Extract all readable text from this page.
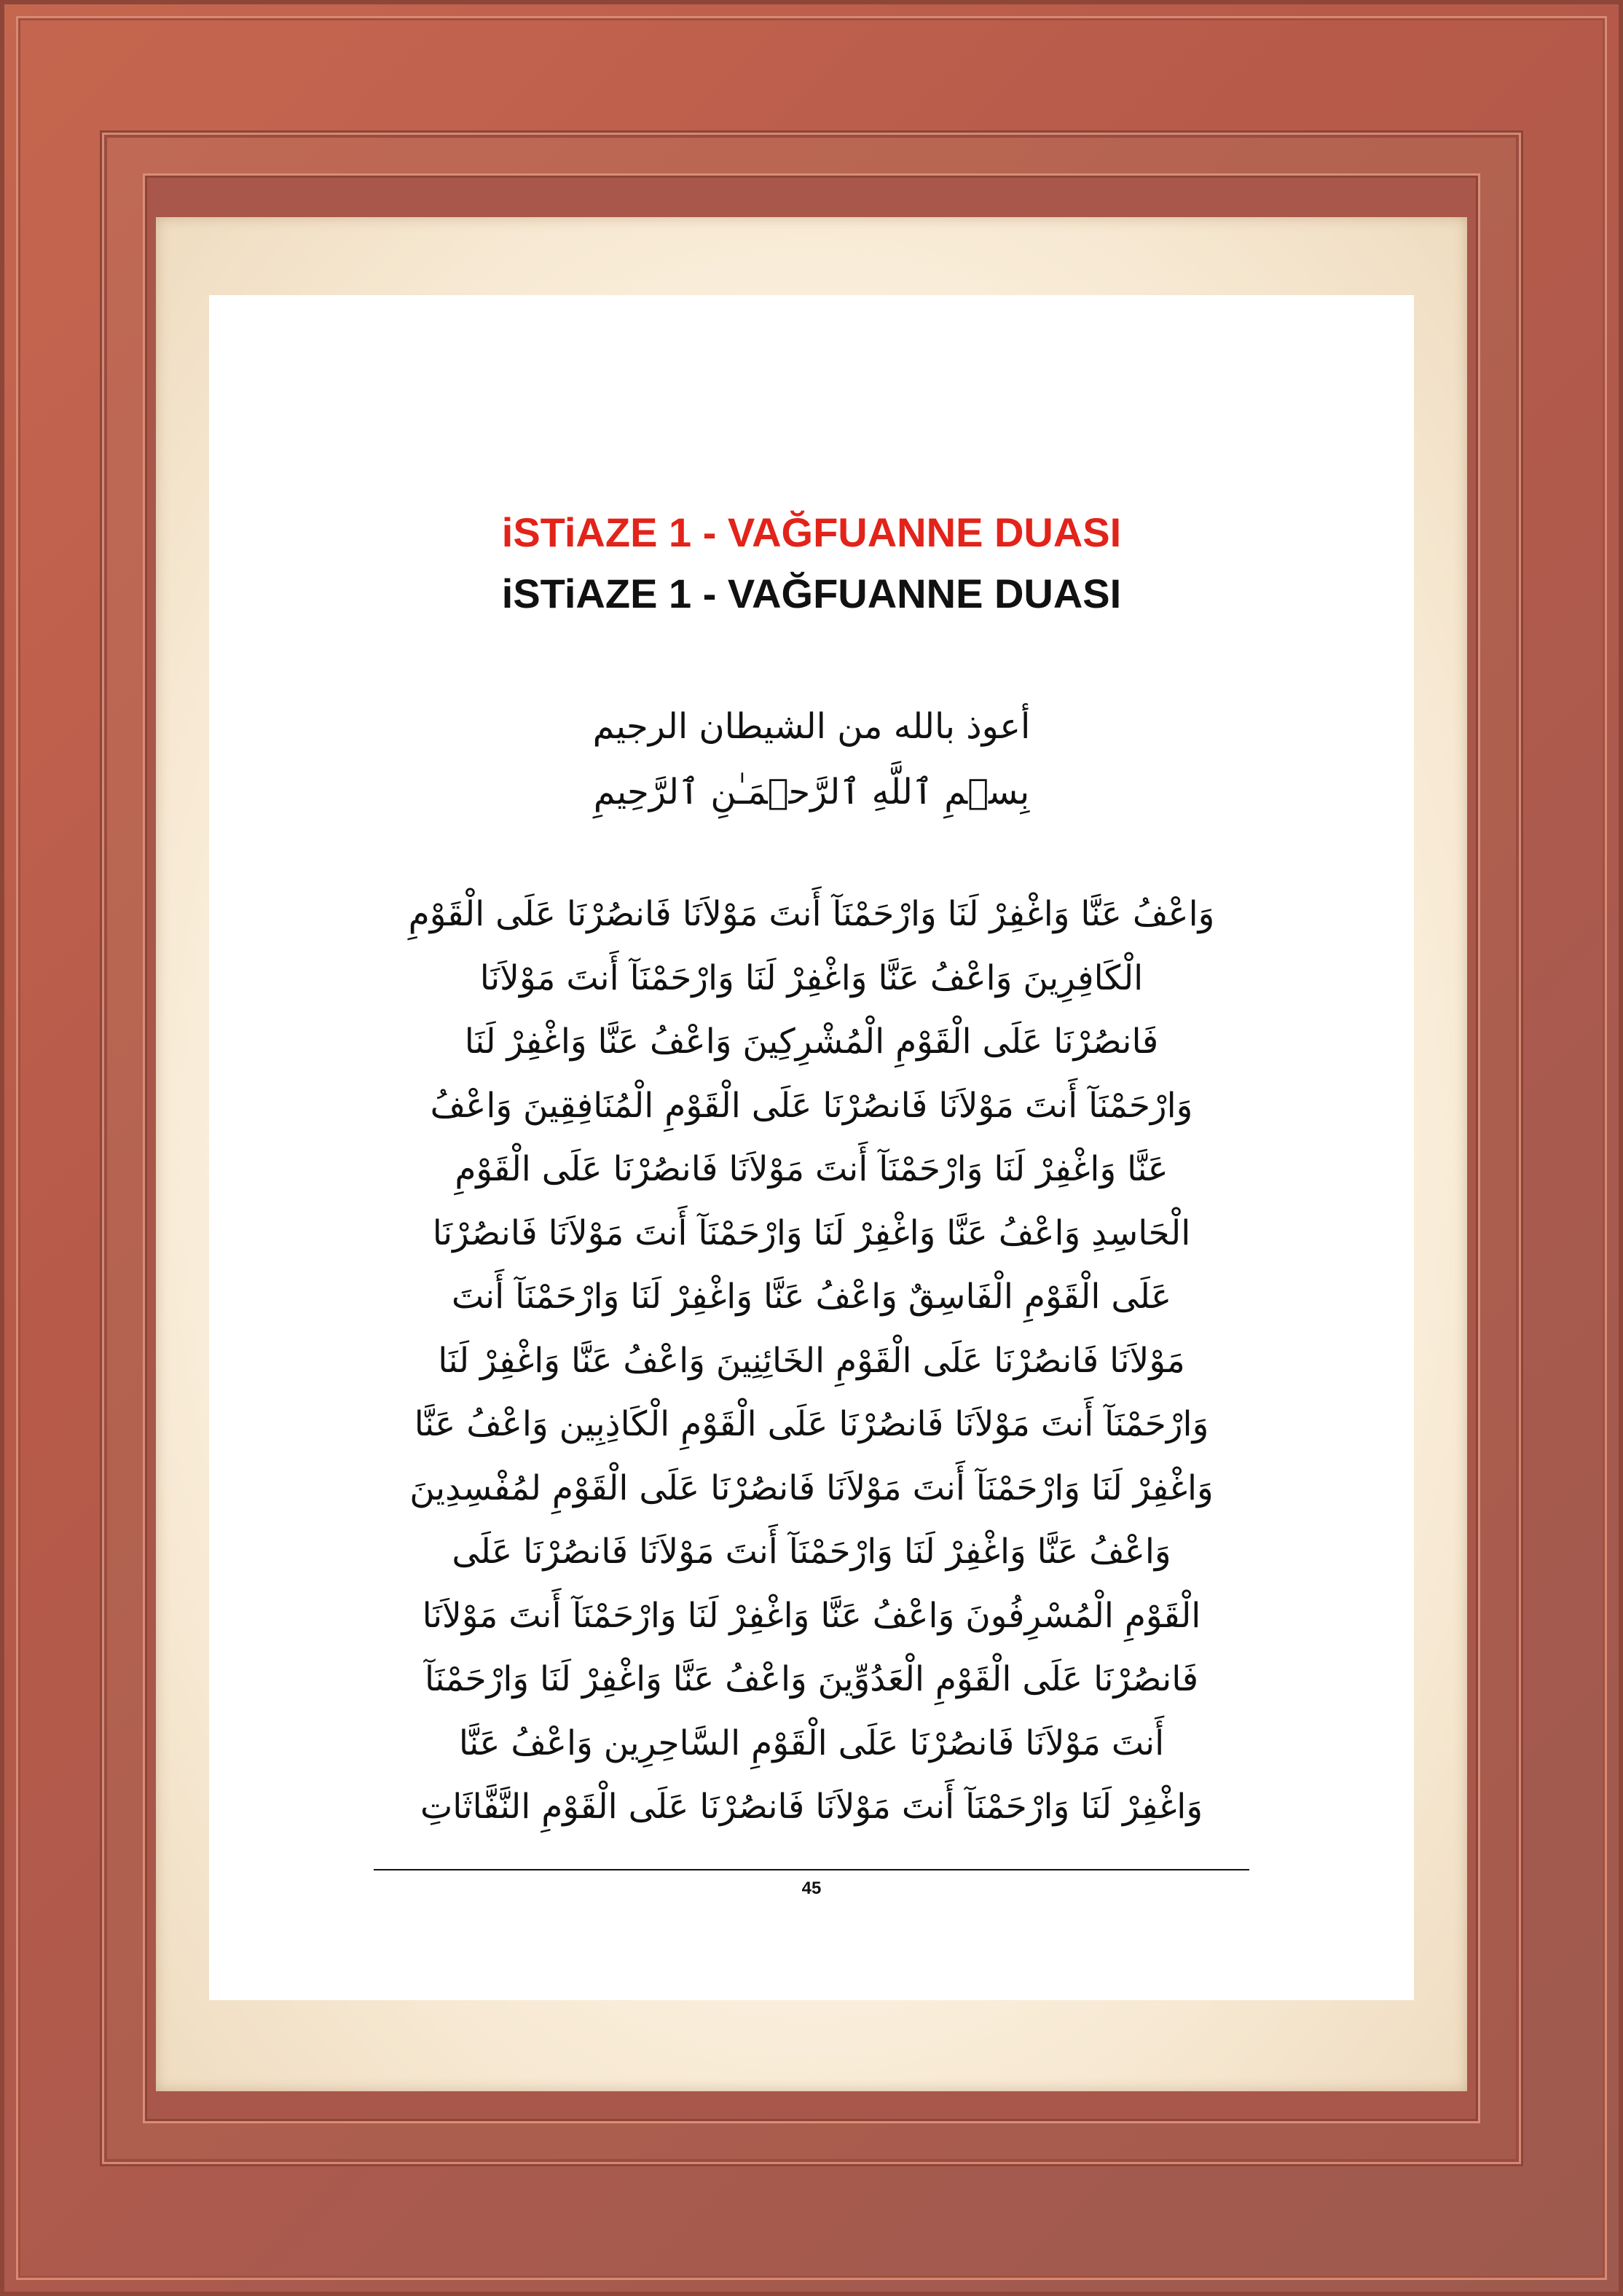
iSTiAZE 1 - VAĞFUANNE DUASI
iSTiAZE 1 - VAĞFUANNE DUASI

أعوذ بالله من الشيطان الرجيم

بِسۡمِ ٱللَّهِ ٱلرَّحۡمَـٰنِ ٱلرَّحِيمِ

وَاعْفُ عَنَّا وَاغْفِرْ لَنَا وَارْحَمْنَآ أَنتَ مَوْلاَنَا فَانصُرْنَا عَلَى الْقَوْمِ
الْكَافِرِينَ وَاعْفُ عَنَّا وَاغْفِرْ لَنَا وَارْحَمْنَآ أَنتَ مَوْلاَنَا
فَانصُرْنَا عَلَى الْقَوْمِ الْمُشْرِكِينَ وَاعْفُ عَنَّا وَاغْفِرْ لَنَا
وَارْحَمْنَآ أَنتَ مَوْلاَنَا فَانصُرْنَا عَلَى الْقَوْمِ الْمُنَافِقِينَ وَاعْفُ
عَنَّا وَاغْفِرْ لَنَا وَارْحَمْنَآ أَنتَ مَوْلاَنَا فَانصُرْنَا عَلَى الْقَوْمِ
الْحَاسِدِ وَاعْفُ عَنَّا وَاغْفِرْ لَنَا وَارْحَمْنَآ أَنتَ مَوْلاَنَا فَانصُرْنَا
عَلَى الْقَوْمِ الْفَاسِقٌ وَاعْفُ عَنَّا وَاغْفِرْ لَنَا وَارْحَمْنَآ أَنتَ
مَوْلاَنَا فَانصُرْنَا عَلَى الْقَوْمِ الخَائِنِينَ وَاعْفُ عَنَّا وَاغْفِرْ لَنَا
وَارْحَمْنَآ أَنتَ مَوْلاَنَا فَانصُرْنَا عَلَى الْقَوْمِ الْكَاذِبِين وَاعْفُ عَنَّا
وَاغْفِرْ لَنَا وَارْحَمْنَآ أَنتَ مَوْلاَنَا فَانصُرْنَا عَلَى الْقَوْمِ لمُفْسِدِينَ
وَاعْفُ عَنَّا وَاغْفِرْ لَنَا وَارْحَمْنَآ أَنتَ مَوْلاَنَا فَانصُرْنَا عَلَى
الْقَوْمِ الْمُسْرِفُونَ وَاعْفُ عَنَّا وَاغْفِرْ لَنَا وَارْحَمْنَآ أَنتَ مَوْلاَنَا
فَانصُرْنَا عَلَى الْقَوْمِ الْعَدُوِّينَ وَاعْفُ عَنَّا وَاغْفِرْ لَنَا وَارْحَمْنَآ
أَنتَ مَوْلاَنَا فَانصُرْنَا عَلَى الْقَوْمِ السَّاحِرِين وَاعْفُ عَنَّا
وَاغْفِرْ لَنَا وَارْحَمْنَآ أَنتَ مَوْلاَنَا فَانصُرْنَا عَلَى الْقَوْمِ النَّفَّاثَاتِ

45
